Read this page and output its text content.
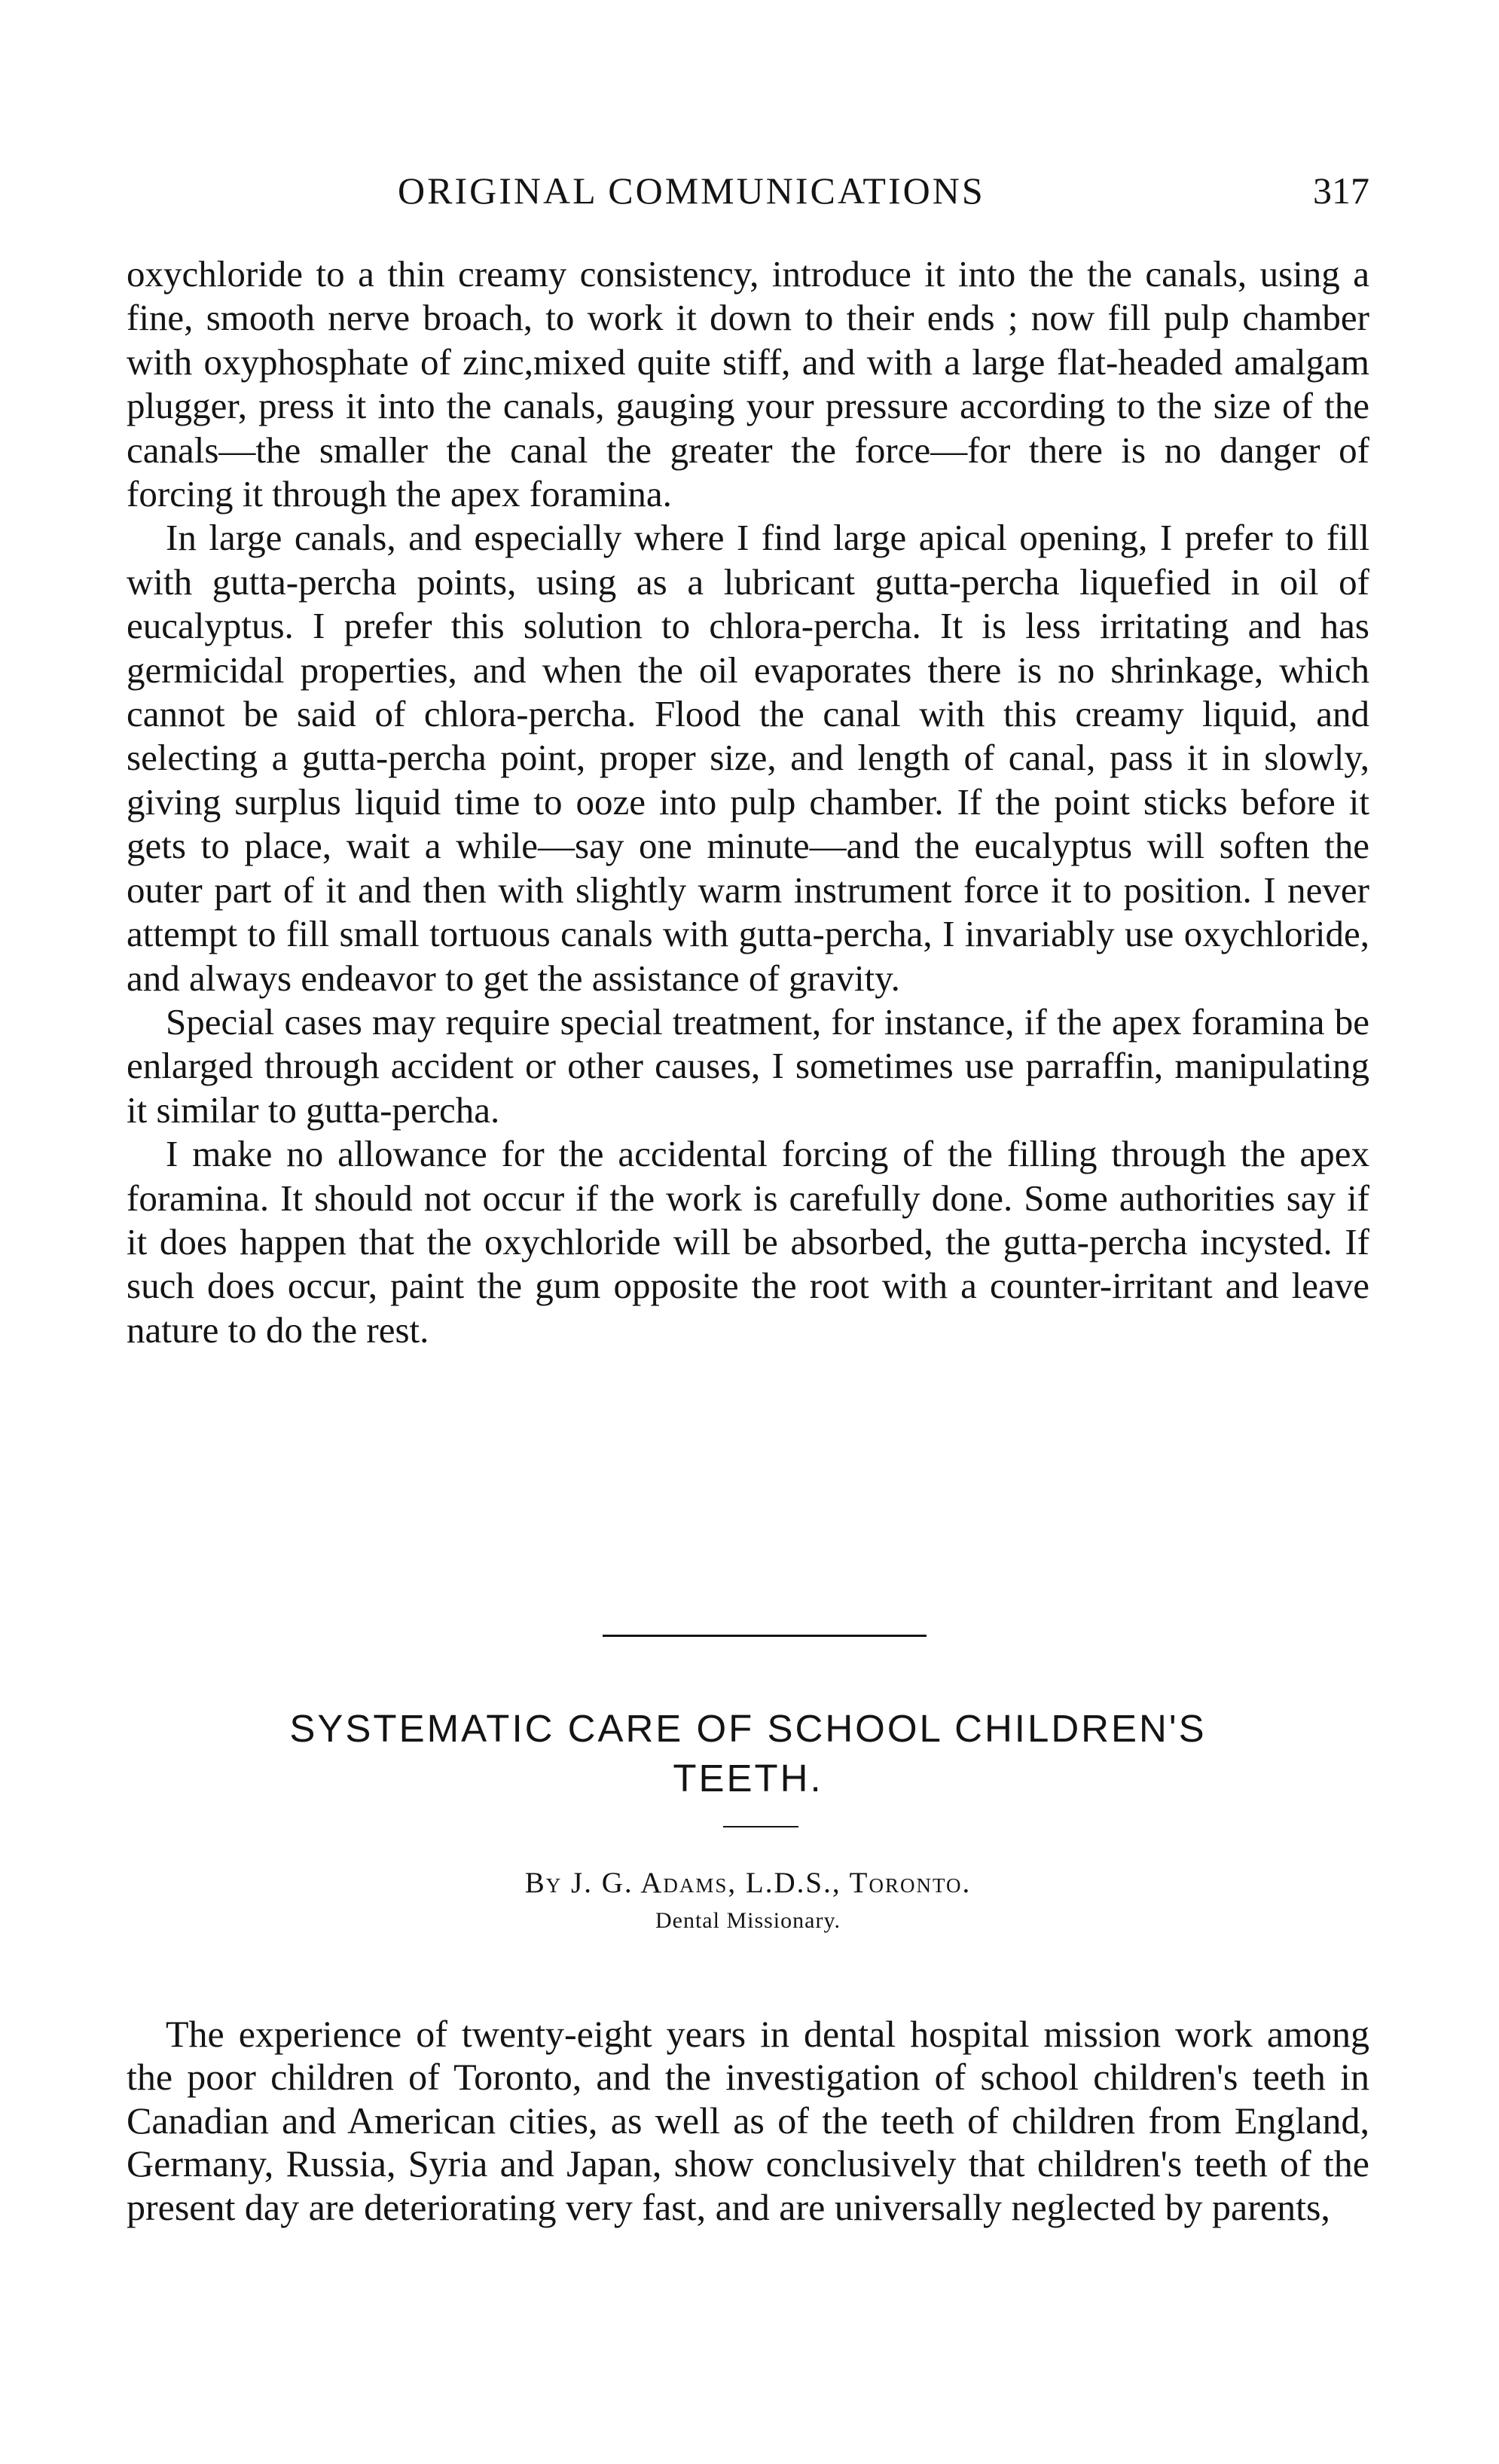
ORIGINAL COMMUNICATIONS	317

oxychloride to a thin creamy consistency, introduce it into the the canals, using a fine, smooth nerve broach, to work it down to their ends ; now fill pulp chamber with oxyphosphate of zinc,mixed quite stiff, and with a large flat-headed amalgam plugger, press it into the canals, gauging your pressure according to the size of the canals—the smaller the canal the greater the force—for there is no danger of forcing it through the apex foramina.

In large canals, and especially where I find large apical opening, I prefer to fill with gutta-percha points, using as a lubricant gutta-percha liquefied in oil of eucalyptus. I prefer this solution to chlora-percha. It is less irritating and has germicidal properties, and when the oil evaporates there is no shrinkage, which cannot be said of chlora-percha. Flood the canal with this creamy liquid, and selecting a gutta-percha point, proper size, and length of canal, pass it in slowly, giving surplus liquid time to ooze into pulp chamber. If the point sticks before it gets to place, wait a while—say one minute—and the eucalyptus will soften the outer part of it and then with slightly warm instrument force it to position. I never attempt to fill small tortuous canals with gutta-percha, I invariably use oxychloride, and always endeavor to get the assistance of gravity.

Special cases may require special treatment, for instance, if the apex foramina be enlarged through accident or other causes, I sometimes use parraffin, manipulating it similar to gutta-percha.

I make no allowance for the accidental forcing of the filling through the apex foramina. It should not occur if the work is carefully done. Some authorities say if it does happen that the oxychloride will be absorbed, the gutta-percha incysted. If such does occur, paint the gum opposite the root with a counter-irritant and leave nature to do the rest.

SYSTEMATIC CARE OF SCHOOL CHILDREN'S
TEETH.
By J. G. Adams, L.D.S., Toronto.
Dental Missionary.

The experience of twenty-eight years in dental hospital mission work among the poor children of Toronto, and the investigation of school children's teeth in Canadian and American cities, as well as of the teeth of children from England, Germany, Russia, Syria and Japan, show conclusively that children's teeth of the present day are deteriorating very fast, and are universally neglected by parents,
